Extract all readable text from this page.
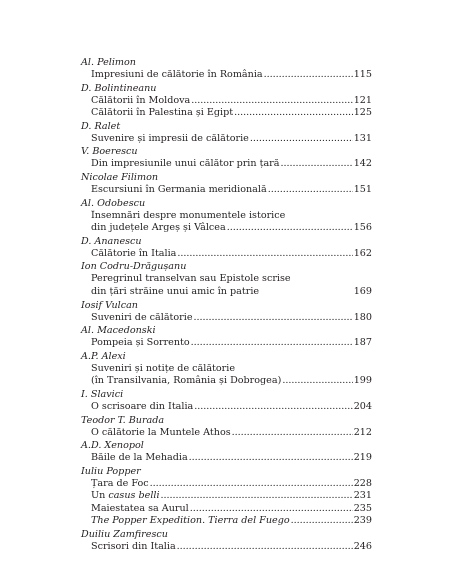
Al. Pelimon
Impresiuni de călătorie în România . . .	115
D. Bolintineanu
Călătorii în Moldova . . .	121
Călătorii în Palestina și Egipt . . .	125
D. Ralet
Suvenire și impresii de călătorie . . .	131
V. Boerescu
Din impresiunile unui călător prin țară . . .	142
Nicolae Filimon
Escursiuni în Germania meridională . . .	151
Al. Odobescu
Însemnări despre monumentele istorice
din județele Argeș și Vâlcea . . .	156
D. Ananescu
Călătorie în Italia . . .	162
Ion Codru-Drăgușanu
Peregrinul transelvan sau Epistole scrise
din țări străine unui amic în patrie	169
Iosif Vulcan
Suveniri de călătorie . . .	180
Al. Macedonski
Pompeia și Sorrento . . .	187
A.P. Alexi
Suveniri și notițe de călătorie
(în Transilvania, România și Dobrogea) . . .	199
I. Slavici
O scrisoare din Italia . . .	204
Teodor T. Burada
O călătorie la Muntele Athos . . .	212
A.D. Xenopol
Băile de la Mehadia . . .	219
Iuliu Popper
Țara de Foc . . .	228
Un casus belli . . .	231
Maiestatea sa Aurul . . .	235
The Popper Expedition. Tierra del Fuego . . .	239
Duiliu Zamfirescu
Scrisori din Italia . . .	246
